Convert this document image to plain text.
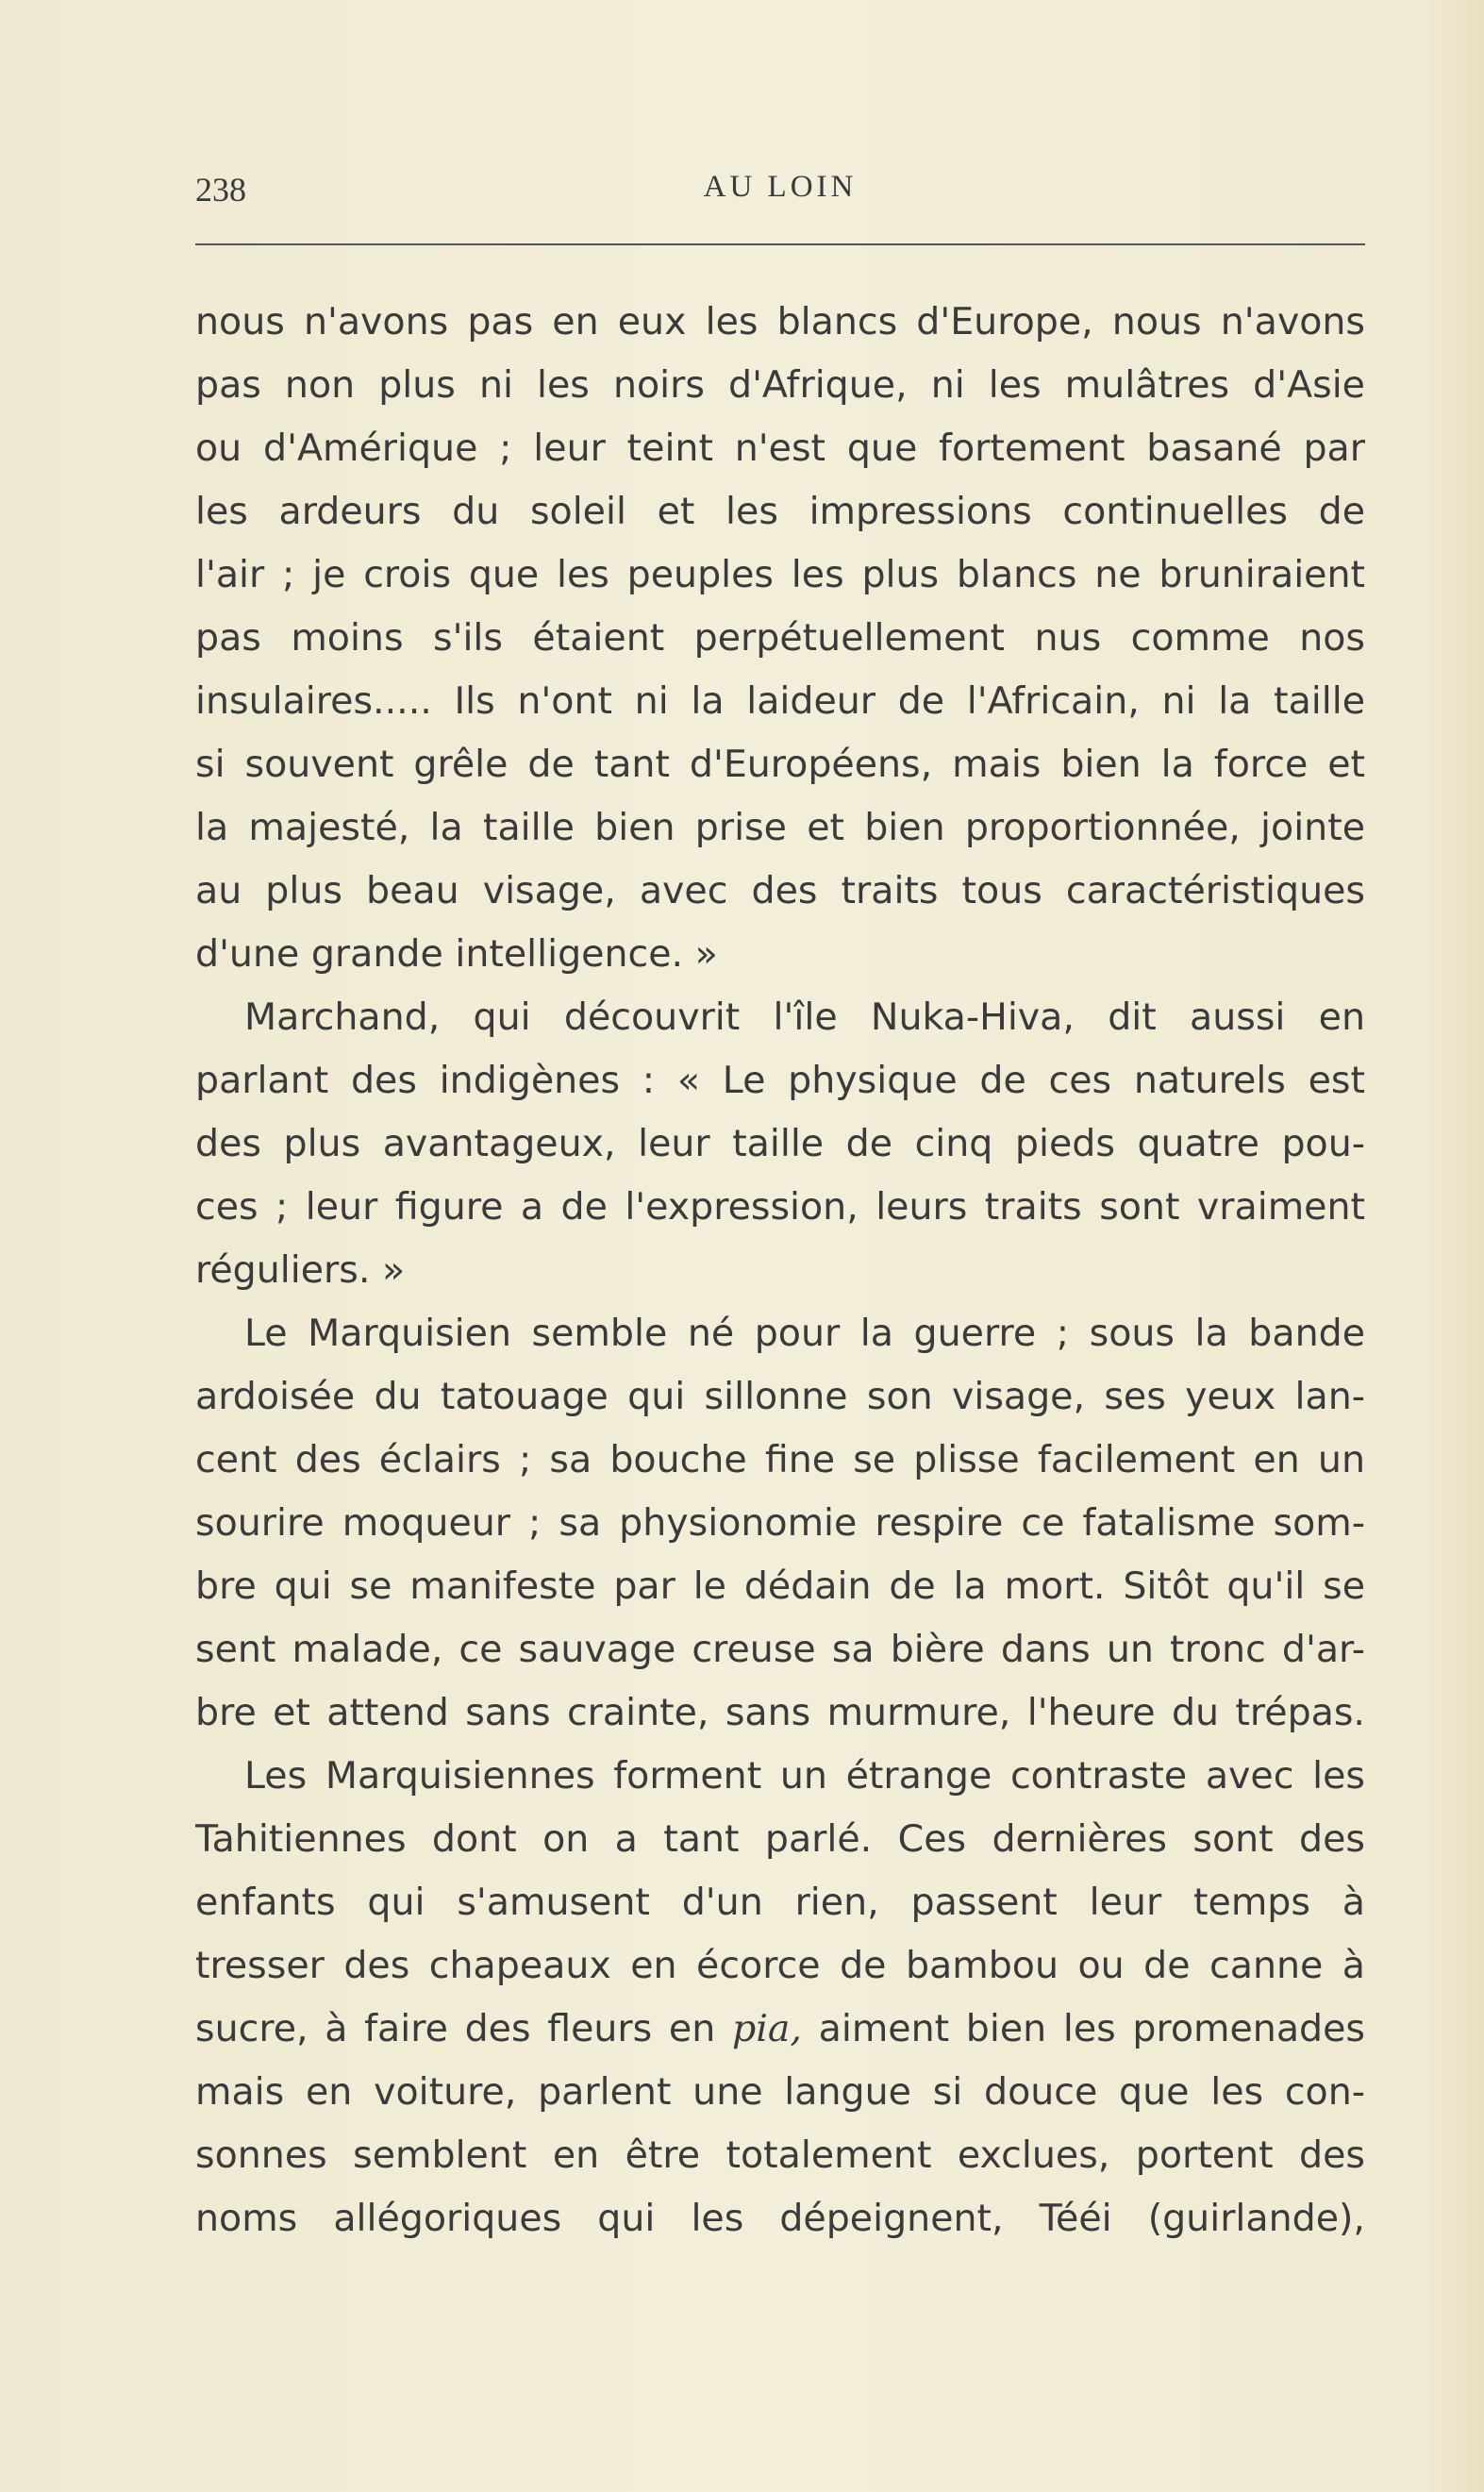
238	AU LOIN
nous n'avons pas en eux les blancs d'Europe, nous n'avons
pas non plus ni les noirs d'Afrique, ni les mulâtres d'Asie
ou d'Amérique ; leur teint n'est que fortement basané par
les ardeurs du soleil et les impressions continuelles de
l'air ; je crois que les peuples les plus blancs ne bruniraient
pas moins s'ils étaient perpétuellement nus comme nos
insulaires..... Ils n'ont ni la laideur de l'Africain, ni la taille
si souvent grêle de tant d'Européens, mais bien la force et
la majesté, la taille bien prise et bien proportionnée, jointe
au plus beau visage, avec des traits tous caractéristiques
d'une grande intelligence. »
Marchand, qui découvrit l'île Nuka-Hiva, dit aussi en
parlant des indigènes : « Le physique de ces naturels est
des plus avantageux, leur taille de cinq pieds quatre pou-
ces ; leur figure a de l'expression, leurs traits sont vraiment
réguliers. »
Le Marquisien semble né pour la guerre ; sous la bande
ardoisée du tatouage qui sillonne son visage, ses yeux lan-
cent des éclairs ; sa bouche fine se plisse facilement en un
sourire moqueur ; sa physionomie respire ce fatalisme som-
bre qui se manifeste par le dédain de la mort. Sitôt qu'il se
sent malade, ce sauvage creuse sa bière dans un tronc d'ar-
bre et attend sans crainte, sans murmure, l'heure du trépas.
Les Marquisiennes forment un étrange contraste avec les
Tahitiennes dont on a tant parlé. Ces dernières sont des
enfants qui s'amusent d'un rien, passent leur temps à
tresser des chapeaux en écorce de bambou ou de canne à
sucre, à faire des fleurs en pia, aiment bien les promenades
mais en voiture, parlent une langue si douce que les con-
sonnes semblent en être totalement exclues, portent des
noms allégoriques qui les dépeignent, Tééi (guirlande),
